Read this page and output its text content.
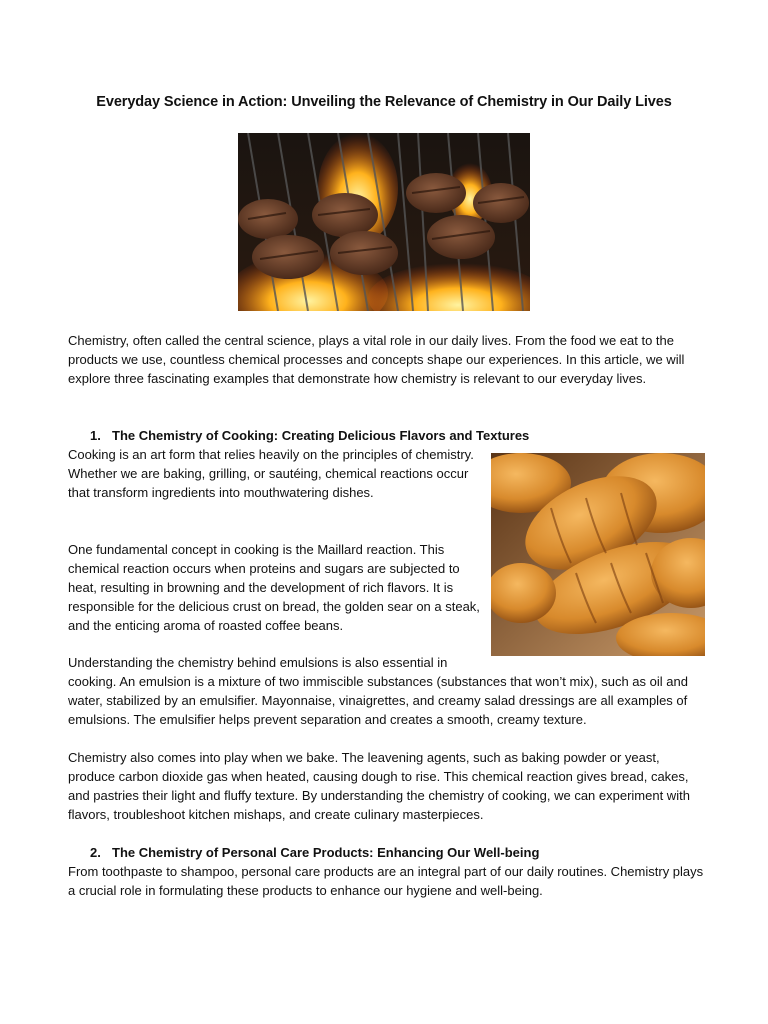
Everyday Science in Action: Unveiling the Relevance of Chemistry in Our Daily Lives

Chemistry, often called the central science, plays a vital role in our daily lives. From the food we eat to the products we use, countless chemical processes and concepts shape our experiences. In this article, we will explore three fascinating examples that demonstrate how chemistry is relevant to our everyday lives.

1. The Chemistry of Cooking: Creating Delicious Flavors and Textures

Cooking is an art form that relies heavily on the principles of chemistry. Whether we are baking, grilling, or sautéing, chemical reactions occur that transform ingredients into mouthwatering dishes.

One fundamental concept in cooking is the Maillard reaction. This chemical reaction occurs when proteins and sugars are subjected to heat, resulting in browning and the development of rich flavors. It is responsible for the delicious crust on bread, the golden sear on a steak, and the enticing aroma of roasted coffee beans.

Understanding the chemistry behind emulsions is also essential in

cooking. An emulsion is a mixture of two immiscible substances (substances that won’t mix), such as oil and water, stabilized by an emulsifier. Mayonnaise, vinaigrettes, and creamy salad dressings are all examples of emulsions. The emulsifier helps prevent separation and creates a smooth, creamy texture.

Chemistry also comes into play when we bake. The leavening agents, such as baking powder or yeast, produce carbon dioxide gas when heated, causing dough to rise. This chemical reaction gives bread, cakes, and pastries their light and fluffy texture. By understanding the chemistry of cooking, we can experiment with flavors, troubleshoot kitchen mishaps, and create culinary masterpieces.

2. The Chemistry of Personal Care Products: Enhancing Our Well-being

From toothpaste to shampoo, personal care products are an integral part of our daily routines. Chemistry plays a crucial role in formulating these products to enhance our hygiene and well-being.
